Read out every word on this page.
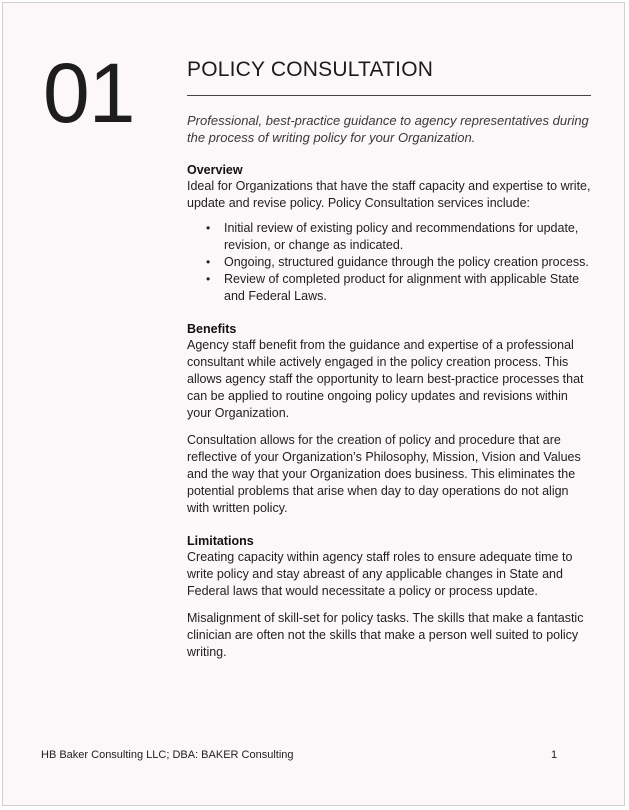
01	POLICY CONSULTATION

Professional, best-practice guidance to agency representatives during the process of writing policy for your Organization.

Overview

Ideal for Organizations that have the staff capacity and expertise to write, update and revise policy. Policy Consultation services include:

• Initial review of existing policy and recommendations for update, revision, or change as indicated.
• Ongoing, structured guidance through the policy creation process.
• Review of completed product for alignment with applicable State and Federal Laws.
Benefits

Agency staff benefit from the guidance and expertise of a professional consultant while actively engaged in the policy creation process. This allows agency staff the opportunity to learn best-practice processes that can be applied to routine ongoing policy updates and revisions within your Organization.

Consultation allows for the creation of policy and procedure that are reflective of your Organization’s Philosophy, Mission, Vision and Values and the way that your Organization does business. This eliminates the potential problems that arise when day to day operations do not align with written policy.

Limitations

Creating capacity within agency staff roles to ensure adequate time to write policy and stay abreast of any applicable changes in State and Federal laws that would necessitate a policy or process update.

Misalignment of skill-set for policy tasks. The skills that make a fantastic clinician are often not the skills that make a person well suited to policy writing.

HB Baker Consulting LLC; DBA: BAKER Consulting	1
